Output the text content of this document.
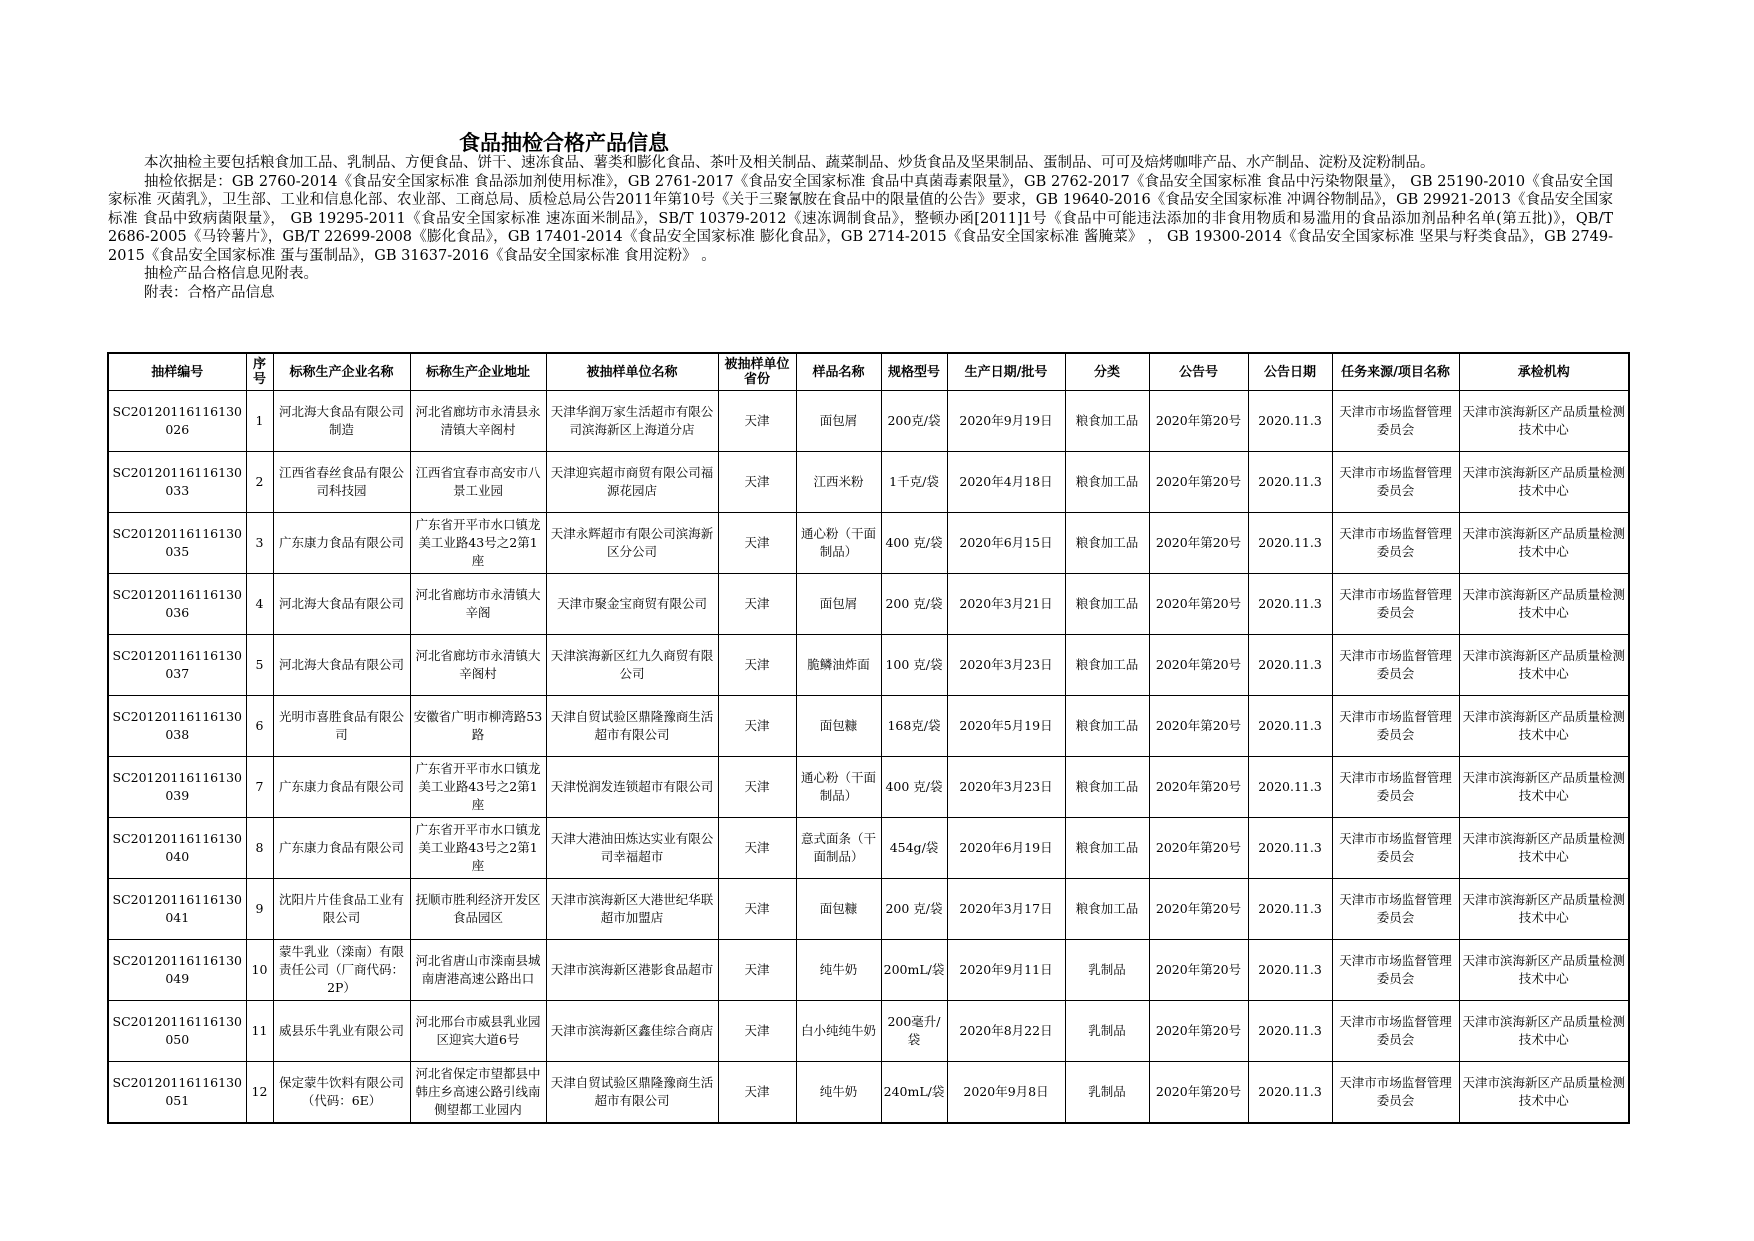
食品抽检合格产品信息

本次抽检主要包括粮食加工品、乳制品、方便食品、饼干、速冻食品、薯类和膨化食品、茶叶及相关制品、蔬菜制品、炒货食品及坚果制品、蛋制品、可可及焙烤咖啡产品、水产制品、淀粉及淀粉制品。

抽检依据是：GB 2760-2014《食品安全国家标准 食品添加剂使用标准》，GB 2761-2017《食品安全国家标准 食品中真菌毒素限量》，GB 2762-2017《食品安全国家标准 食品中污染物限量》， GB 25190-2010《食品安全国家标准 灭菌乳》，卫生部、工业和信息化部、农业部、工商总局、质检总局公告2011年第10号《关于三聚氰胺在食品中的限量值的公告》要求，GB 19640-2016《食品安全国家标准 冲调谷物制品》，GB 29921-2013《食品安全国家标准 食品中致病菌限量》， GB 19295-2011《食品安全国家标准 速冻面米制品》，SB/T 10379-2012《速冻调制食品》，整顿办函[2011]1号《食品中可能违法添加的非食用物质和易滥用的食品添加剂品种名单(第五批)》，QB/T 2686-2005《马铃薯片》，GB/T 22699-2008《膨化食品》，GB 17401-2014《食品安全国家标准 膨化食品》，GB 2714-2015《食品安全国家标准 酱腌菜》 ， GB 19300-2014《食品安全国家标准 坚果与籽类食品》，GB 2749-2015《食品安全国家标准 蛋与蛋制品》，GB 31637-2016《食品安全国家标准 食用淀粉》 。

抽检产品合格信息见附表。

附表：合格产品信息

抽样编号	序号	标称生产企业名称	标称生产企业地址	被抽样单位名称	被抽样单位省份	样品名称	规格型号	生产日期/批号	分类	公告号	公告日期	任务来源/项目名称	承检机构
SC20120116116130026	1	河北海大食品有限公司制造	河北省廊坊市永清县永清镇大辛阁村	天津华润万家生活超市有限公司滨海新区上海道分店	天津	面包屑	200克/袋	2020年9月19日	粮食加工品	2020年第20号	2020.11.3	天津市市场监督管理委员会	天津市滨海新区产品质量检测技术中心
SC20120116116130033	2	江西省春丝食品有限公司科技园	江西省宜春市高安市八景工业园	天津迎宾超市商贸有限公司福源花园店	天津	江西米粉	1千克/袋	2020年4月18日	粮食加工品	2020年第20号	2020.11.3	天津市市场监督管理委员会	天津市滨海新区产品质量检测技术中心
SC20120116116130035	3	广东康力食品有限公司	广东省开平市水口镇龙美工业路43号之2第1座	天津永辉超市有限公司滨海新区分公司	天津	通心粉（干面制品）	400 克/袋	2020年6月15日	粮食加工品	2020年第20号	2020.11.3	天津市市场监督管理委员会	天津市滨海新区产品质量检测技术中心
SC20120116116130036	4	河北海大食品有限公司	河北省廊坊市永清镇大辛阁	天津市聚金宝商贸有限公司	天津	面包屑	200 克/袋	2020年3月21日	粮食加工品	2020年第20号	2020.11.3	天津市市场监督管理委员会	天津市滨海新区产品质量检测技术中心
SC20120116116130037	5	河北海大食品有限公司	河北省廊坊市永清镇大辛阁村	天津滨海新区红九久商贸有限公司	天津	脆鳞油炸面	100 克/袋	2020年3月23日	粮食加工品	2020年第20号	2020.11.3	天津市市场监督管理委员会	天津市滨海新区产品质量检测技术中心
SC20120116116130038	6	光明市喜胜食品有限公司	安徽省广明市柳湾路53路	天津自贸试验区鼎隆豫商生活超市有限公司	天津	面包糠	168克/袋	2020年5月19日	粮食加工品	2020年第20号	2020.11.3	天津市市场监督管理委员会	天津市滨海新区产品质量检测技术中心
SC20120116116130039	7	广东康力食品有限公司	广东省开平市水口镇龙美工业路43号之2第1座	天津悦润发连锁超市有限公司	天津	通心粉（干面制品）	400 克/袋	2020年3月23日	粮食加工品	2020年第20号	2020.11.3	天津市市场监督管理委员会	天津市滨海新区产品质量检测技术中心
SC20120116116130040	8	广东康力食品有限公司	广东省开平市水口镇龙美工业路43号之2第1座	天津大港油田炼达实业有限公司幸福超市	天津	意式面条（干面制品）	454g/袋	2020年6月19日	粮食加工品	2020年第20号	2020.11.3	天津市市场监督管理委员会	天津市滨海新区产品质量检测技术中心
SC20120116116130041	9	沈阳片片佳食品工业有限公司	抚顺市胜利经济开发区食品园区	天津市滨海新区大港世纪华联超市加盟店	天津	面包糠	200 克/袋	2020年3月17日	粮食加工品	2020年第20号	2020.11.3	天津市市场监督管理委员会	天津市滨海新区产品质量检测技术中心
SC20120116116130049	10	蒙牛乳业（滦南）有限责任公司（厂商代码：2P）	河北省唐山市滦南县城南唐港高速公路出口	天津市滨海新区港影食品超市	天津	纯牛奶	200mL/袋	2020年9月11日	乳制品	2020年第20号	2020.11.3	天津市市场监督管理委员会	天津市滨海新区产品质量检测技术中心
SC20120116116130050	11	威县乐牛乳业有限公司	河北邢台市威县乳业园区迎宾大道6号	天津市滨海新区鑫佳综合商店	天津	白小纯纯牛奶	200毫升/袋	2020年8月22日	乳制品	2020年第20号	2020.11.3	天津市市场监督管理委员会	天津市滨海新区产品质量检测技术中心
SC20120116116130051	12	保定蒙牛饮料有限公司（代码：6E）	河北省保定市望都县中韩庄乡高速公路引线南侧望都工业园内	天津自贸试验区鼎隆豫商生活超市有限公司	天津	纯牛奶	240mL/袋	2020年9月8日	乳制品	2020年第20号	2020.11.3	天津市市场监督管理委员会	天津市滨海新区产品质量检测技术中心
